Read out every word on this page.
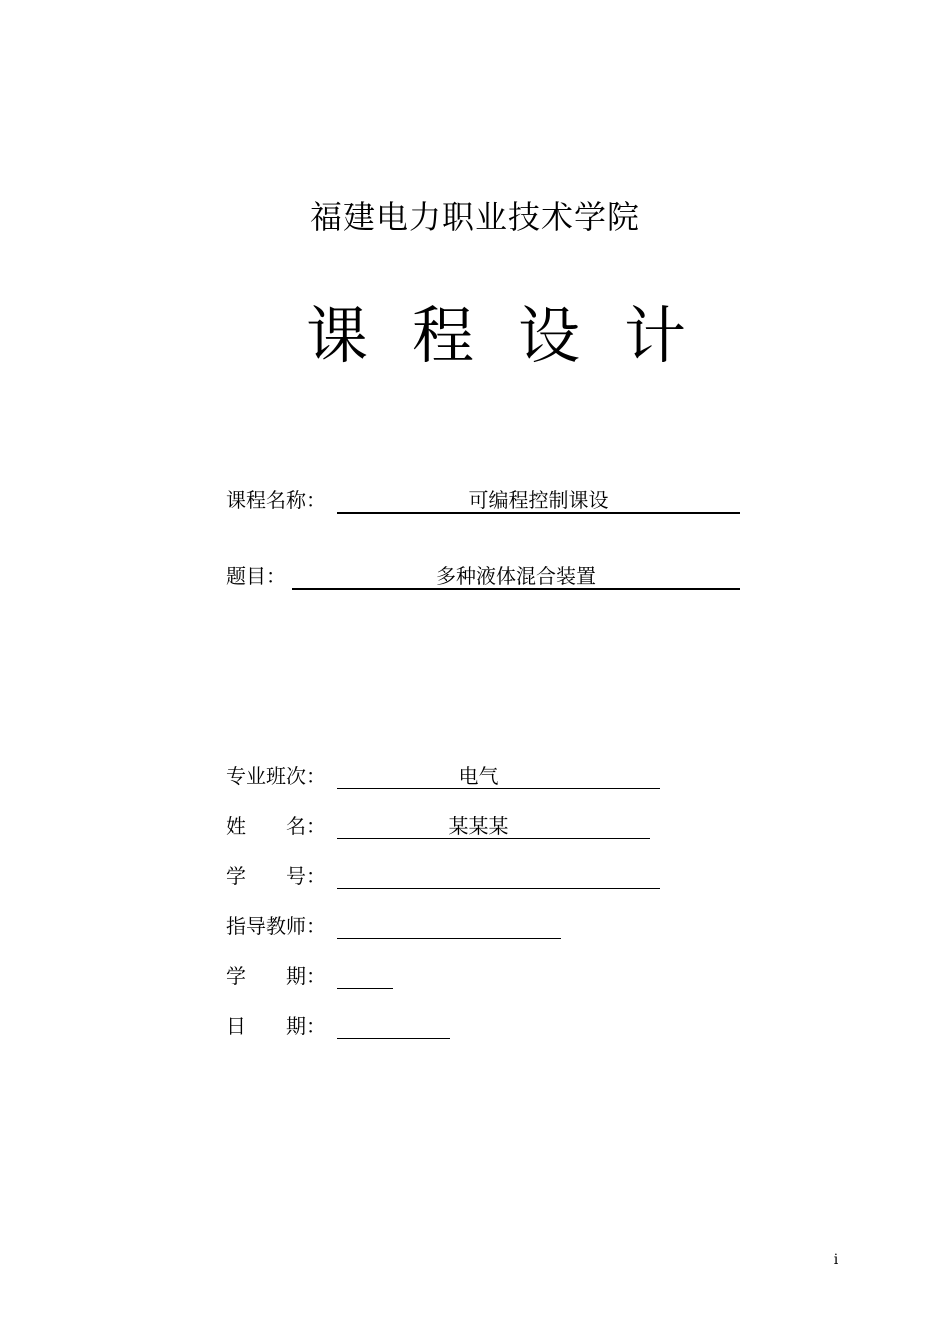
福建电力职业技术学院
课 程 设 计
课程名称：	可编程控制课设
题目：	多种液体混合装置
专业班次：	电气
姓 名 ：	某某某
学 号 ：
指导教师：
学 期 ：
日 期 ：
i
